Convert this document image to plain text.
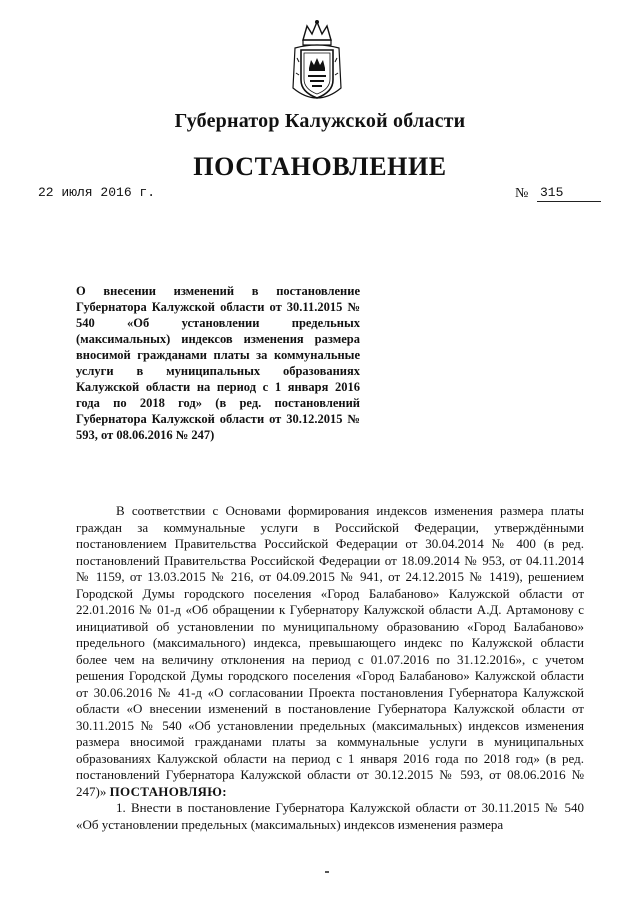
Губернатор Калужской области
ПОСТАНОВЛЕНИЕ
22 июля 2016 г.	№ 315
О внесении изменений в постановление Губернатора Калужской области от 30.11.2015 № 540 «Об установлении предельных (максимальных) индексов изменения размера вносимой гражданами платы за коммунальные услуги в муниципальных образованиях Калужской области на период с 1 января 2016 года по 2018 год» (в ред. постановлений Губернатора Калужской области от 30.12.2015 № 593, от 08.06.2016 № 247)

В соответствии с Основами формирования индексов изменения размера платы граждан за коммунальные услуги в Российской Федерации, утверждёнными постановлением Правительства Российской Федерации от 30.04.2014 № 400 (в ред. постановлений Правительства Российской Федерации от 18.09.2014 № 953, от 04.11.2014 № 1159, от 13.03.2015 № 216, от 04.09.2015 № 941, от 24.12.2015 № 1419), решением Городской Думы городского поселения «Город Балабаново» Калужской области от 22.01.2016 № 01-д «Об обращении к Губернатору Калужской области А.Д. Артамонову с инициативой об установлении по муниципальному образованию «Город Балабаново» предельного (максимального) индекса, превышающего индекс по Калужской области более чем на величину отклонения на период с 01.07.2016 по 31.12.2016», с учетом решения Городской Думы городского поселения «Город Балабаново» Калужской области от 30.06.2016 № 41-д «О согласовании Проекта постановления Губернатора Калужской области «О внесении изменений в постановление Губернатора Калужской области от 30.11.2015 № 540 «Об установлении предельных (максимальных) индексов изменения размера вносимой гражданами платы за коммунальные услуги в муниципальных образованиях Калужской области на период с 1 января 2016 года по 2018 год» (в ред. постановлений Губернатора Калужской области от 30.12.2015 № 593, от 08.06.2016 № 247)» ПОСТАНОВЛЯЮ:

1. Внести в постановление Губернатора Калужской области от 30.11.2015 № 540 «Об установлении предельных (максимальных) индексов изменения размера
